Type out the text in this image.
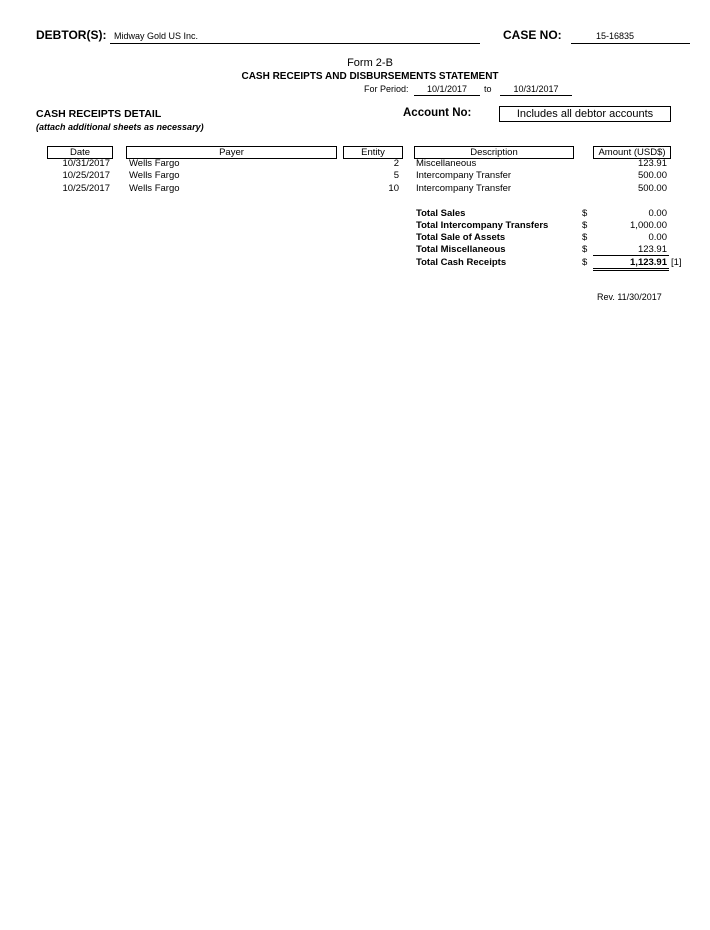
DEBTOR(S): Midway Gold US Inc.	CASE NO:	15-16835
Form 2-B
CASH RECEIPTS AND DISBURSEMENTS STATEMENT
For Period:	10/1/2017	to	10/31/2017
CASH RECEIPTS DETAIL
(attach additional sheets as necessary)
Account No:	Includes all debtor accounts
Date	Payer	Entity	Description	Amount (USD$)
10/31/2017 Wells Fargo	2 Miscellaneous	123.91
10/25/2017 Wells Fargo	5 Intercompany Transfer	500.00
10/25/2017 Wells Fargo	10 Intercompany Transfer	500.00
Total Sales	$	0.00
Total Intercompany Transfers	$	1,000.00
Total Sale of Assets	$	0.00
Total Miscellaneous	$	123.91
Total Cash Receipts	$	1,123.91 [1]
Rev. 11/30/2017
